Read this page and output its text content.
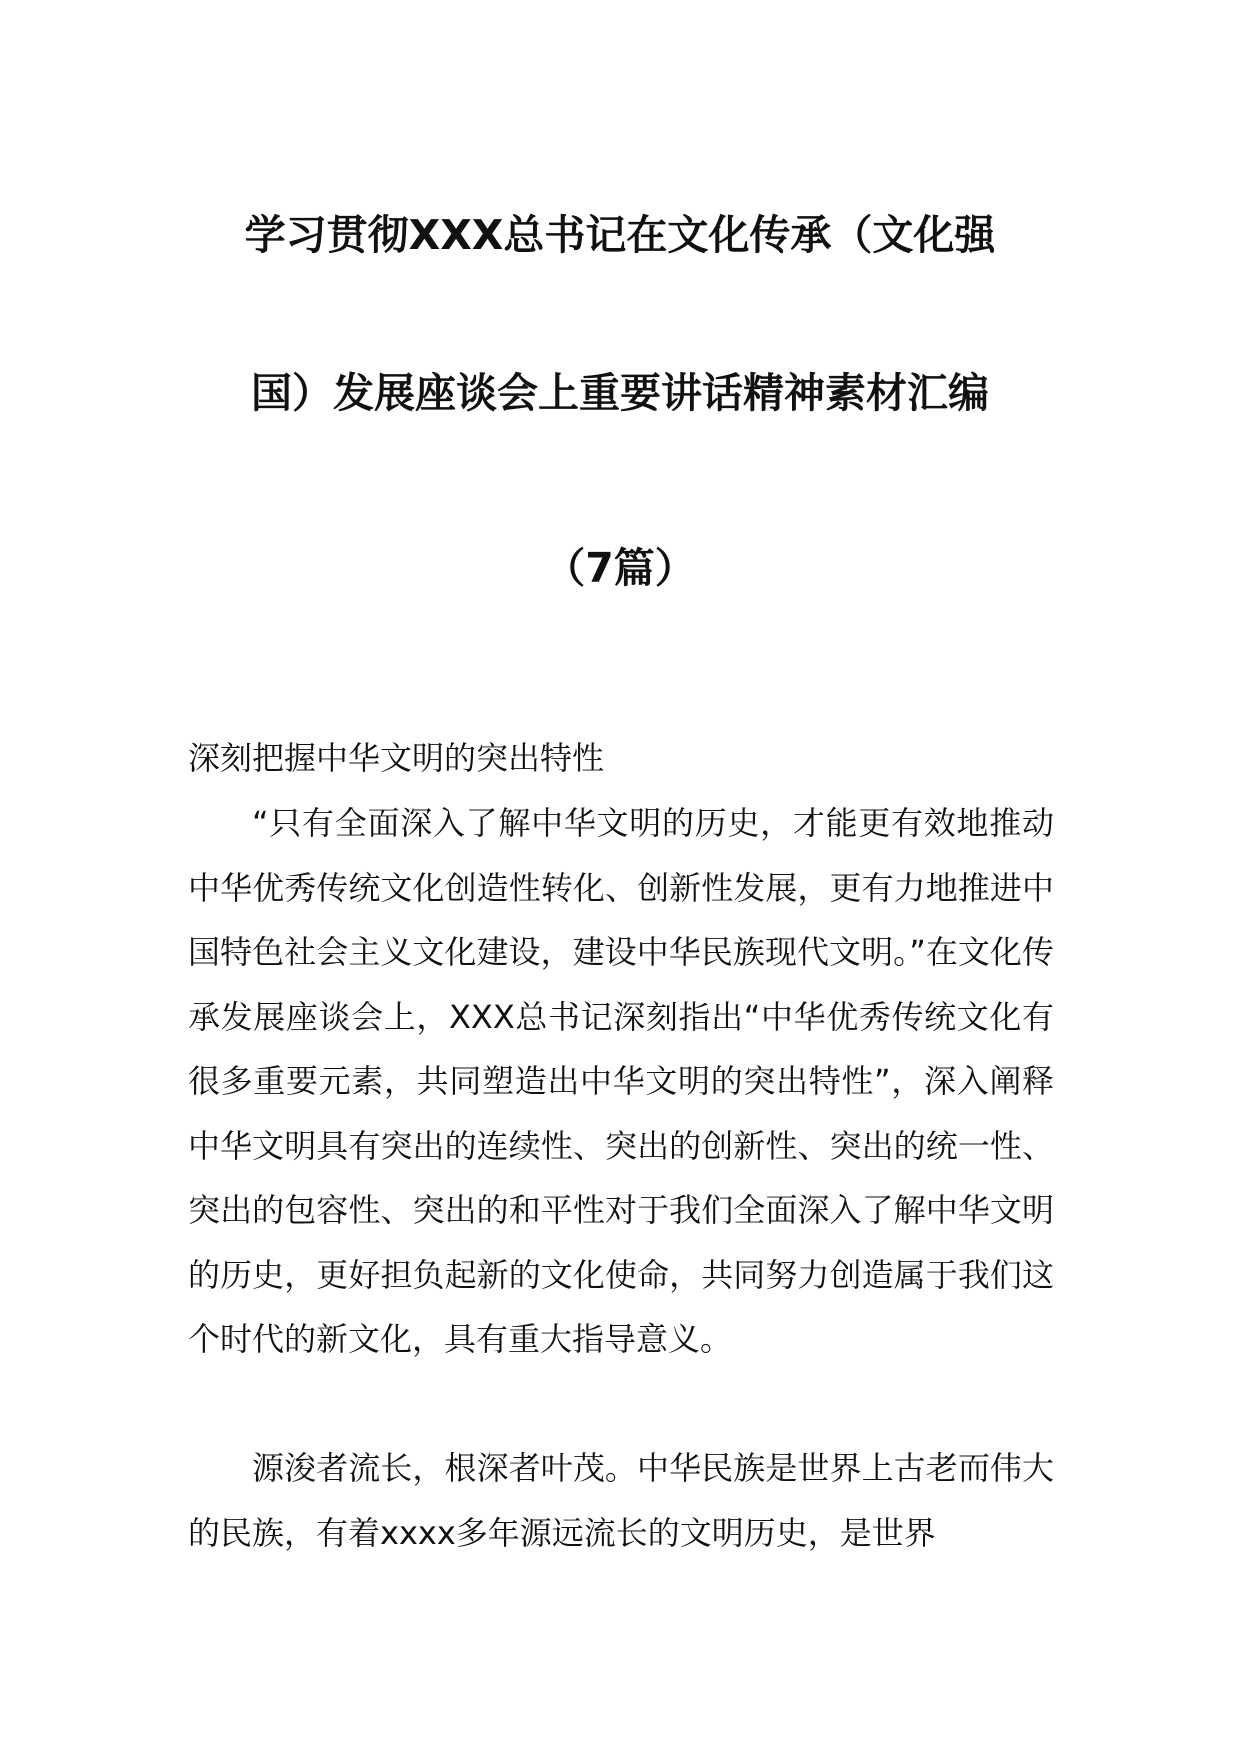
学习贯彻XXX总书记在文化传承（文化强
国）发展座谈会上重要讲话精神素材汇编
（7篇）
深刻把握中华文明的突出特性
“只有全面深入了解中华文明的历史，才能更有效地推动中华优秀传统文化创造性转化、创新性发展，更有力地推进中国特色社会主义文化建设，建设中华民族现代文明。”在文化传承发展座谈会上，XXX总书记深刻指出“中华优秀传统文化有很多重要元素，共同塑造出中华文明的突出特性”，深入阐释中华文明具有突出的连续性、突出的创新性、突出的统一性、突出的包容性、突出的和平性对于我们全面深入了解中华文明的历史，更好担负起新的文化使命，共同努力创造属于我们这个时代的新文化，具有重大指导意义。
源浚者流长，根深者叶茂。中华民族是世界上古老而伟大的民族，有着xxxx多年源远流长的文明历史，是世界
